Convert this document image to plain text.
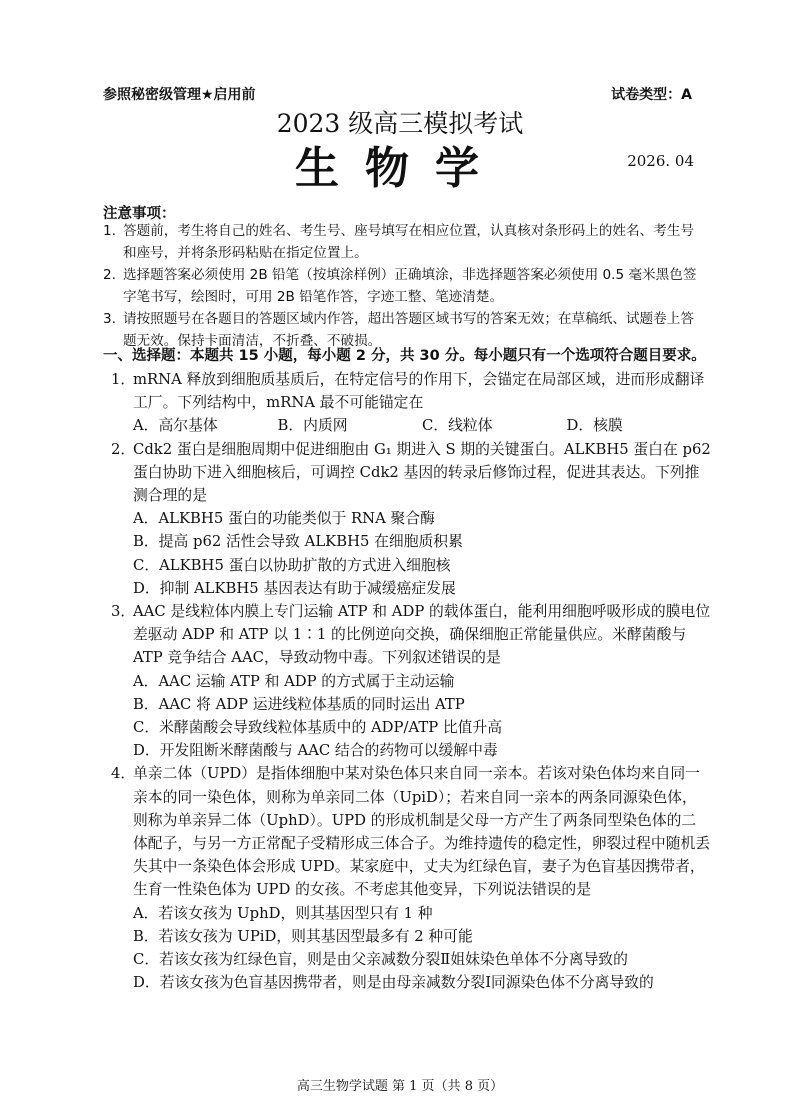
参照秘密级管理★启用前	试卷类型：A
2023 级高三模拟考试
生物学	2026. 04
注意事项：
1. 答题前，考生将自己的姓名、考生号、座号填写在相应位置，认真核对条形码上的姓名、考生号和座号，并将条形码粘贴在指定位置上。
2. 选择题答案必须使用 2B 铅笔（按填涂样例）正确填涂，非选择题答案必须使用 0.5 毫米黑色签字笔书写，绘图时，可用 2B 铅笔作答，字迹工整、笔迹清楚。
3. 请按照题号在各题目的答题区域内作答，超出答题区域书写的答案无效；在草稿纸、试题卷上答题无效。保持卡面清洁，不折叠、不破损。
一、选择题：本题共 15 小题，每小题 2 分，共 30 分。每小题只有一个选项符合题目要求。
1．
mRNA 释放到细胞质基质后，在特定信号的作用下，会锚定在局部区域，进而形成翻译工厂。下列结构中，mRNA 最不可能锚定在
A．高尔基体	B．内质网	C．线粒体	D．核膜
2．
Cdk2 蛋白是细胞周期中促进细胞由 G₁ 期进入 S 期的关键蛋白。ALKBH5 蛋白在 p62 蛋白协助下进入细胞核后，可调控 Cdk2 基因的转录后修饰过程，促进其表达。下列推测合理的是
A．ALKBH5 蛋白的功能类似于 RNA 聚合酶
B．提高 p62 活性会导致 ALKBH5 在细胞质积累
C．ALKBH5 蛋白以协助扩散的方式进入细胞核
D．抑制 ALKBH5 基因表达有助于减缓癌症发展
3．
AAC 是线粒体内膜上专门运输 ATP 和 ADP 的载体蛋白，能利用细胞呼吸形成的膜电位差驱动 ADP 和 ATP 以 1∶1 的比例逆向交换，确保细胞正常能量供应。米酵菌酸与 ATP 竞争结合 AAC，导致动物中毒。下列叙述错误的是
A．AAC 运输 ATP 和 ADP 的方式属于主动运输
B．AAC 将 ADP 运进线粒体基质的同时运出 ATP
C．米酵菌酸会导致线粒体基质中的 ADP/ATP 比值升高
D．开发阻断米酵菌酸与 AAC 结合的药物可以缓解中毒
4．
单亲二体（UPD）是指体细胞中某对染色体只来自同一亲本。若该对染色体均来自同一亲本的同一染色体，则称为单亲同二体（UpiD）；若来自同一亲本的两条同源染色体，则称为单亲异二体（UphD）。UPD 的形成机制是父母一方产生了两条同型染色体的二体配子，与另一方正常配子受精形成三体合子。为维持遗传的稳定性，卵裂过程中随机丢失其中一条染色体会形成 UPD。某家庭中，丈夫为红绿色盲，妻子为色盲基因携带者，生育一性染色体为 UPD 的女孩。不考虑其他变异，下列说法错误的是
A．若该女孩为 UphD，则其基因型只有 1 种
B．若该女孩为 UPiD，则其基因型最多有 2 种可能
C．若该女孩为红绿色盲，则是由父亲减数分裂Ⅱ姐妹染色单体不分离导致的
D．若该女孩为色盲基因携带者，则是由母亲减数分裂Ⅰ同源染色体不分离导致的
高三生物学试题 第 1 页（共 8 页）
